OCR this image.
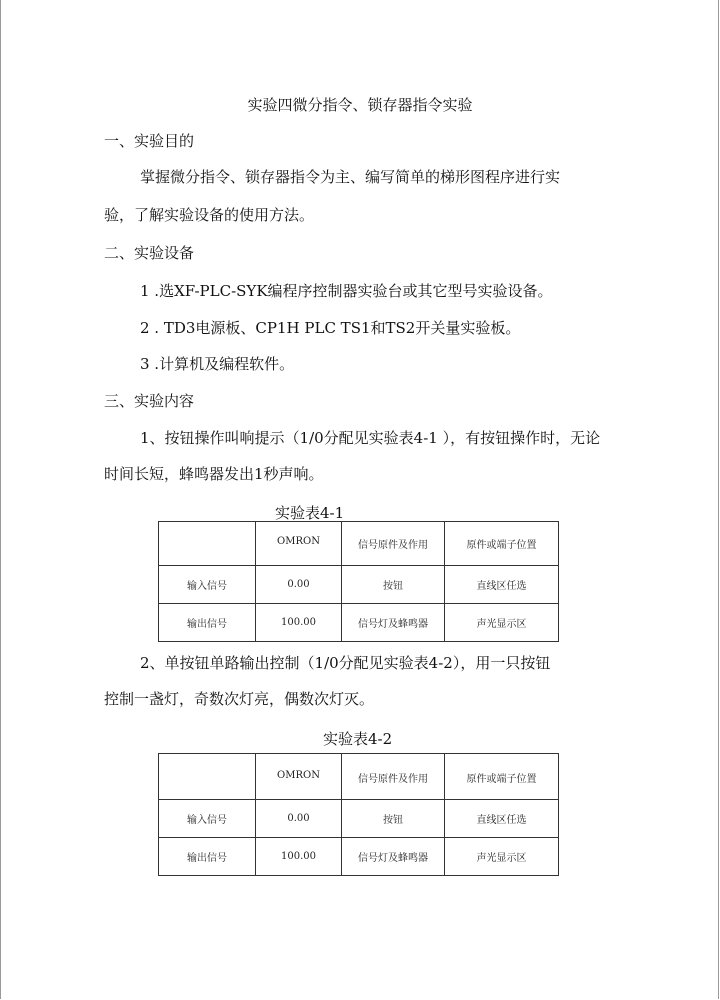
实验四微分指令、锁存器指令实验
一、实验目的
掌握微分指令、锁存器指令为主、编写简单的梯形图程序进行实
验，了解实验设备的使用方法。
二、实验设备
1 .选XF-PLC-SYK编程序控制器实验台或其它型号实验设备。
2 . TD3电源板、CP1H PLC TS1和TS2开关量实验板。
3 .计算机及编程软件。
三、实验内容
1、按钮操作叫响提示（1/0分配见实验表4-1 ），有按钮操作时，无论
时间长短，蜂鸣器发出1秒声响。
实验表4-1
	OMRON	信号原件及作用	原件或端子位置
输入信号	0.00	按钮	直线区任选
输出信号	100.00	信号灯及蜂鸣器	声光显示区
2、单按钮单路输出控制（1/0分配见实验表4-2），用一只按钮
控制一盏灯，奇数次灯亮，偶数次灯灭。
实验表4-2
	OMRON	信号原件及作用	原件或端子位置
输入信号	0.00	按钮	直线区任选
输出信号	100.00	信号灯及蜂鸣器	声光显示区
